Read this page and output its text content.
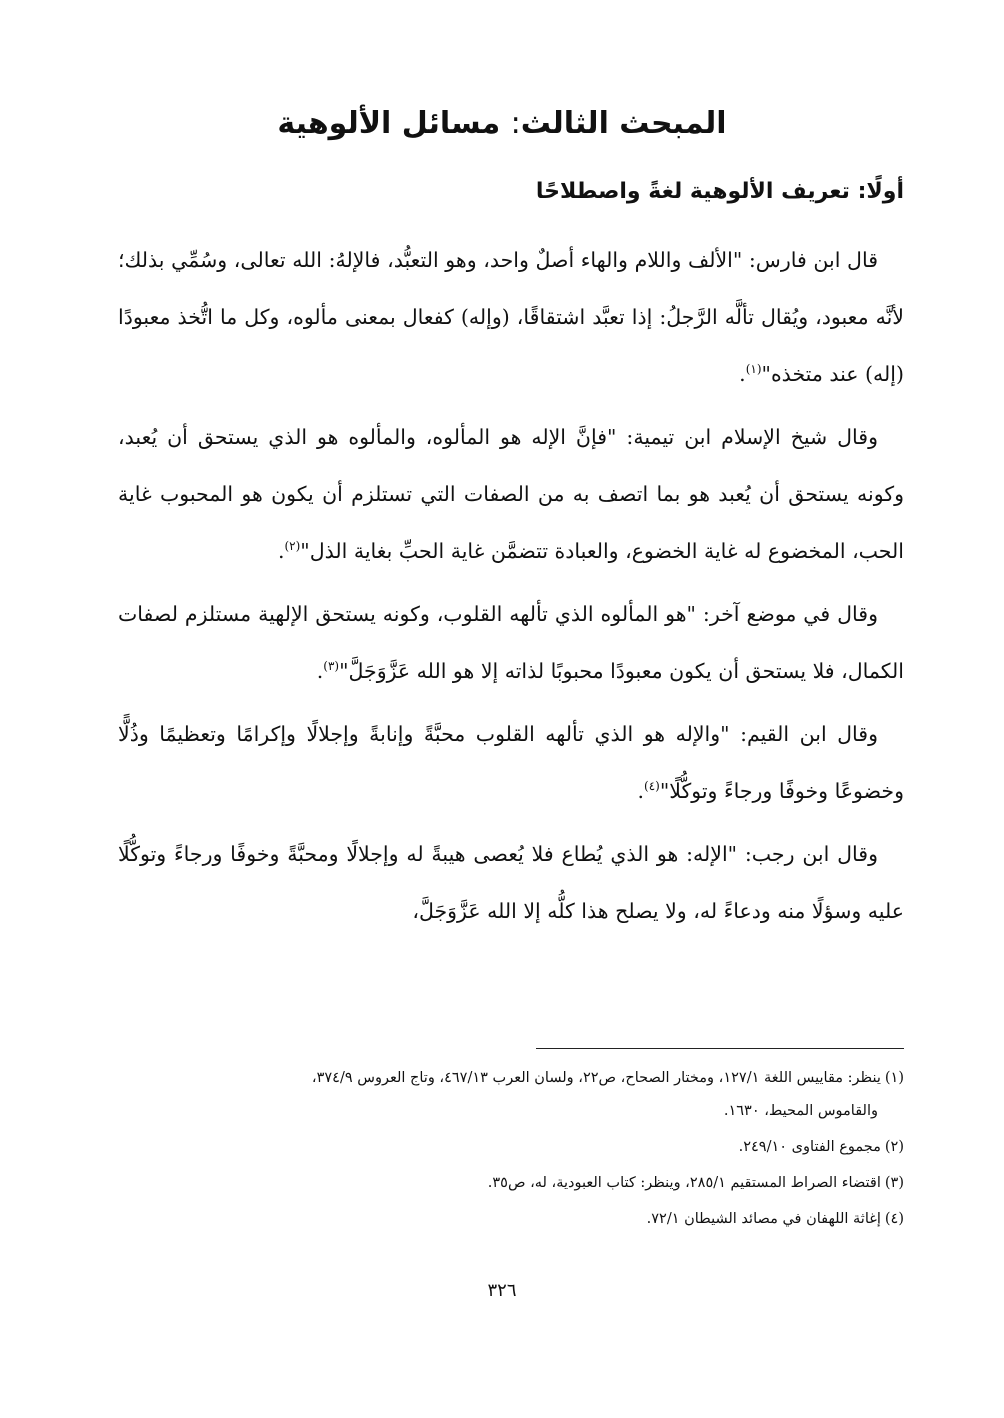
المبحث الثالث: مسائل الألوهية
أولًا: تعريف الألوهية لغةً واصطلاحًا

قال ابن فارس: "الألف واللام والهاء أصلٌ واحد، وهو التعبُّد، فالإلهُ: الله تعالى، وسُمِّي بذلك؛ لأنَّه معبود، ويُقال تألَّه الرَّجلُ: إذا تعبَّد اشتقاقًا، (وإله) كفعال بمعنى مألوه، وكل ما اتُّخذ معبودًا (إله) عند متخذه"$^{(١)}$.

وقال شيخ الإسلام ابن تيمية: "فإنَّ الإله هو المألوه، والمألوه هو الذي يستحق أن يُعبد، وكونه يستحق أن يُعبد هو بما اتصف به من الصفات التي تستلزم أن يكون هو المحبوب غاية الحب، المخضوع له غاية الخضوع، والعبادة تتضمَّن غاية الحبِّ بغاية الذل"$^{(٢)}$.

وقال في موضع آخر: "هو المألوه الذي تألهه القلوب، وكونه يستحق الإلهية مستلزم لصفات الكمال، فلا يستحق أن يكون معبودًا محبوبًا لذاته إلا هو الله عَزَّوَجَلَّ"$^{(٣)}$.

وقال ابن القيم: "والإله هو الذي تألهه القلوب محبَّةً وإنابةً وإجلالًا وإكرامًا وتعظيمًا وذُلًّا وخضوعًا وخوفًا ورجاءً وتوكُّلًا"$^{(٤)}$.

وقال ابن رجب: "الإله: هو الذي يُطاع فلا يُعصى هيبةً له وإجلالًا ومحبَّةً وخوفًا ورجاءً وتوكُّلًا عليه وسؤلًا منه ودعاءً له، ولا يصلح هذا كلُّه إلا الله عَزَّوَجَلَّ،

(١)ينظر: مقاييس اللغة ١٢٧/١، ومختار الصحاح، ص٢٢، ولسان العرب ٤٦٧/١٣، وتاج العروس ٣٧٤/٩،
والقاموس المحيط، ١٦٣٠.

(٢)مجموع الفتاوى ٢٤٩/١٠.

(٣)اقتضاء الصراط المستقيم ٢٨٥/١، وينظر: كتاب العبودية، له، ص٣٥.

(٤)إغاثة اللهفان في مصائد الشيطان ٧٢/١.

٣٢٦
